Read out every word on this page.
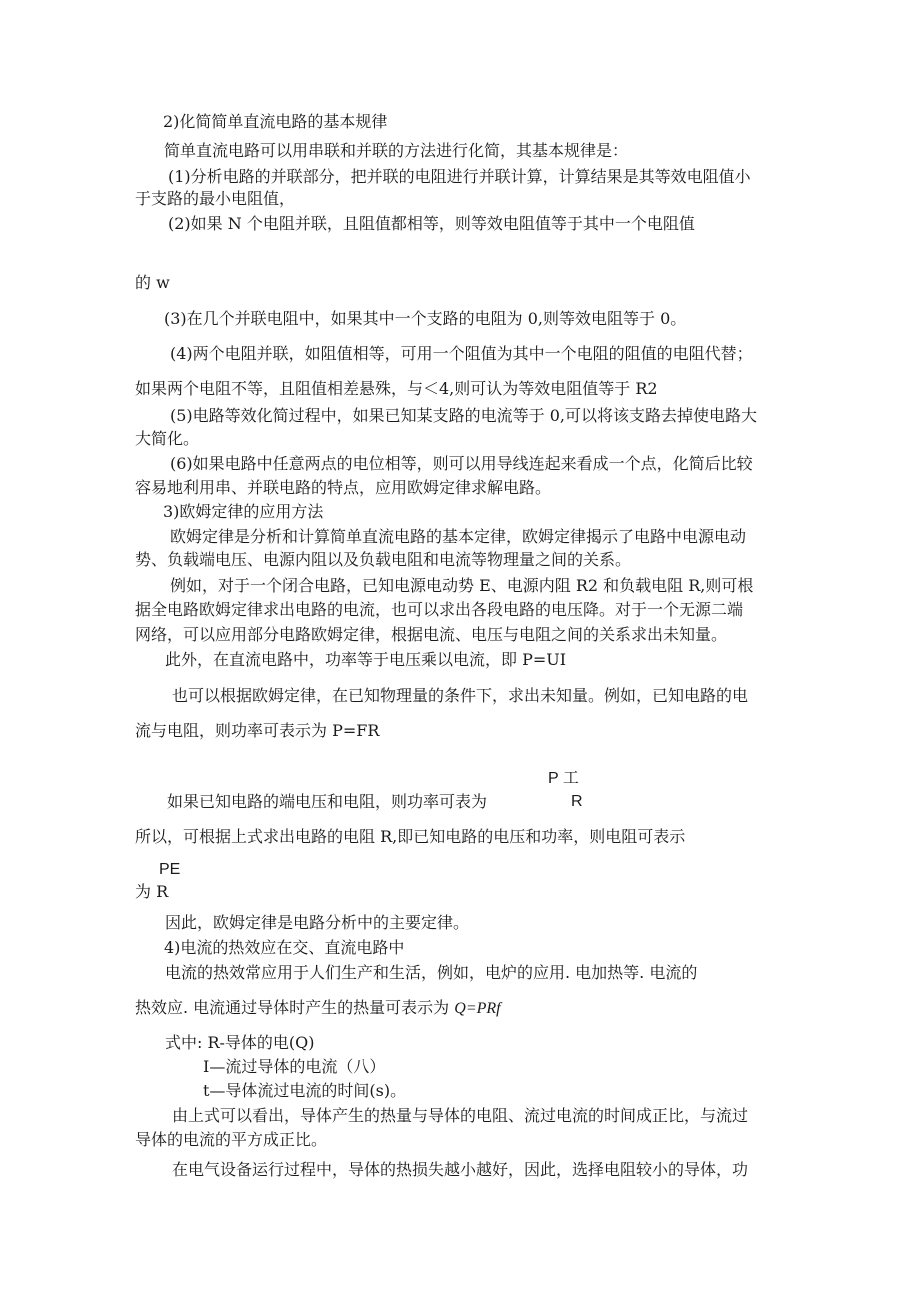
2)化简简单直流电路的基本规律
简单直流电路可以用串联和并联的方法进行化简，其基本规律是：
(1)分析电路的并联部分，把并联的电阻进行并联计算，计算结果是其等效电阻值小
于支路的最小电阻值，
(2)如果 N 个电阻并联，且阻值都相等，则等效电阻值等于其中一个电阻值
的 w
(3)在几个并联电阻中，如果其中一个支路的电阻为 0,则等效电阻等于 0。
(4)两个电阻并联，如阻值相等，可用一个阻值为其中一个电阻的阻值的电阻代替；
如果两个电阻不等，且阻值相差悬殊，与＜4,则可认为等效电阻值等于 R2
(5)电路等效化简过程中，如果已知某支路的电流等于 0,可以将该支路去掉使电路大
大简化。
(6)如果电路中任意两点的电位相等，则可以用导线连起来看成一个点，化简后比较
容易地利用串、并联电路的特点，应用欧姆定律求解电路。
3)欧姆定律的应用方法
欧姆定律是分析和计算简单直流电路的基本定律，欧姆定律揭示了电路中电源电动
势、负载端电压、电源内阻以及负载电阻和电流等物理量之间的关系。
例如，对于一个闭合电路，已知电源电动势 E、电源内阻 R2 和负载电阻 R,则可根
据全电路欧姆定律求出电路的电流，也可以求出各段电路的电压降。对于一个无源二端
网络，可以应用部分电路欧姆定律，根据电流、电压与电阻之间的关系求出未知量。
此外，在直流电路中，功率等于电压乘以电流，即 P=UI
也可以根据欧姆定律，在已知物理量的条件下，求出未知量。例如，已知电路的电
流与电阻，则功率可表示为 P=FR
P 工
如果已知电路的端电压和电阻，则功率可表为	R
所以，可根据上式求出电路的电阻 R,即已知电路的电压和功率，则电阻可表示
PE
为 R
因此，欧姆定律是电路分析中的主要定律。
4)电流的热效应在交、直流电路中
电流的热效常应用于人们生产和生活，例如，电炉的应用. 电加热等. 电流的
热效应. 电流通过导体时产生的热量可表示为 Q=PRf
式中: R-导体的电(Q)
I—流过导体的电流（八）
t—导体流过电流的时间(s)。
由上式可以看出，导体产生的热量与导体的电阻、流过电流的时间成正比，与流过
导体的电流的平方成正比。
在电气设备运行过程中，导体的热损失越小越好，因此，选择电阻较小的导体，功
